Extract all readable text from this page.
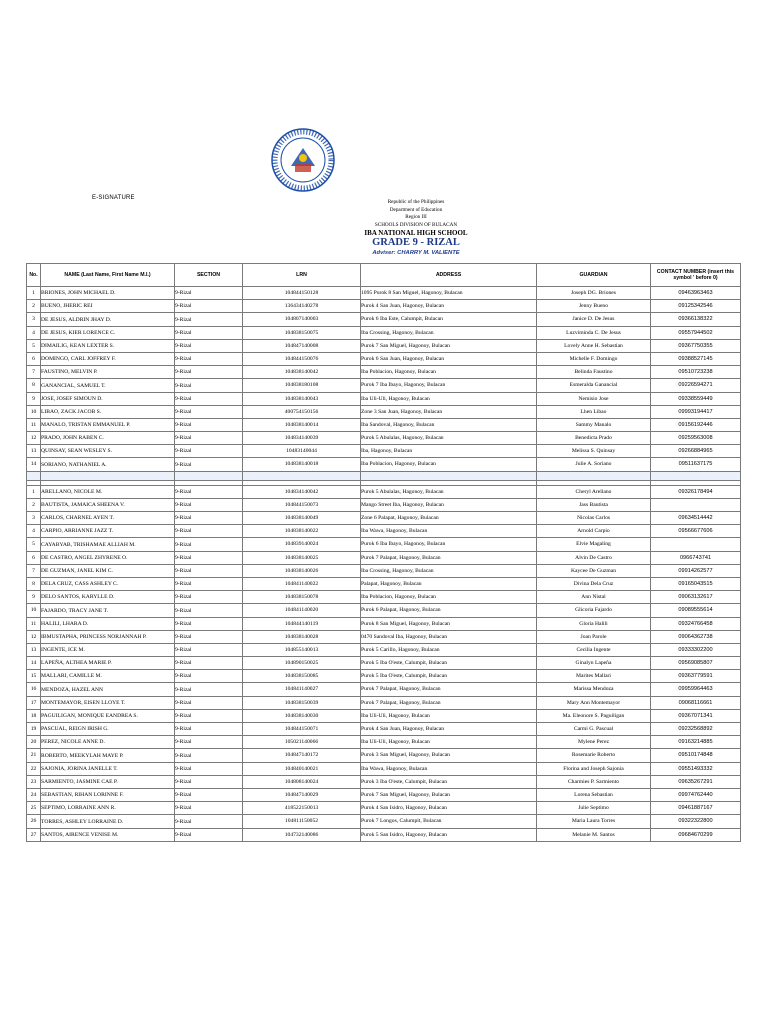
E-SIGNATURE
Republic of the Philippines
Department of Education
Region III
SCHOOLS DIVISION OF BULACAN
IBA NATIONAL HIGH SCHOOL
GRADE 9 - RIZAL
Adviser: CHARRY M. VALIENTE
No.	NAME (Last Name, First Name M.I.)	SECTION	LRN	ADDRESS	GUARDIAN	CONTACT NUMBER (insert this symbol ' before 0)
1	BRIONES, JOHN MICHAEL D.	9-Rizal	104844150128	1095 Purok 8 San Miguel, Hagonoy, Bulacan	Joseph DG. Briones	09463963463
2	BUENO, JHERIC REI	9-Rizal	136434140278	Purok 4 San Juan, Hagonoy, Bulacan	Jenny Bueno	09125342546
3	DE JESUS, ALDRIN JHAY D.	9-Rizal	104807140003	Purok 6 Iba Este, Calumpit, Bulacan	Janice D. De Jesus	09366138322
4	DE JESUS, KIER LORENCE C.	9-Rizal	104838150075	Iba Crossing, Hagonoy, Bulacan	Luzviminda C. De Jesus	09557944502
5	DIMAILIG, KEAN LEXTER S.	9-Rizal	104847140008	Purok 7 San Miguel, Hagonoy, Bulacan	Lovely Anne H. Sebastian	09367750355
6	DOMINGO, CARL JOFFREY F.	9-Rizal	104844150076	Purok 6 San Juan, Hagonoy, Bulacan	Michelle F. Domingo	09388527145
7	FAUSTINO, MELVIN P.	9-Rizal	104838140042	Iba Poblacion, Hagonoy, Bulacan	Belinda Faustino	09510723238
8	GANANCIAL, SAMUEL T.	9-Rizal	104838180108	Purok 7 Iba Ibayo, Hagonoy, Bulacan	Esmeralda Ganancial	09226594271
9	JOSE, JOSEF SIMOUN D.	9-Rizal	104838140043	Iba Uli-Uli, Hagonoy, Bulacan	Nemisio Jose	09338559449
10	LIBAO, ZACK JACOB S.	9-Rizal	400754150156	Zone 3 San Juan, Hagonoy, Bulacan	Lhen Libao	09993194417
11	MANALO, TRISTAN EMMANUEL P.	9-Rizal	104838140014	Iba Sandoval, Hagonoy, Bulacan	Sammy Manalo	09156192446
12	PRADO, JOHN RABEN C.	9-Rizal	104834140039	Purok 5 Abulalas, Hagonoy, Bulacan	Benedicta Prado	09259563008
13	QUINSAY, SEAN WESLEY S.	9-Rizal	10483140044	Iba, Hagonoy, Bulacan	Melissa S. Quinsay	09266884965
14	SORIANO, NATHANIEL A.	9-Rizal	104838140018	Iba Poblacion, Hagonoy, Bulacan	Julie A. Soriano	09511637175

1	ARELLANO, NICOLE M.	9-Rizal	104834140042	Purok 5 Abulalas, Hagonoy, Bulacan	Cheryl Arellano	09326178494
2	BAUTISTA, JAMAICA SHEENA V.	9-Rizal	104844150073	Mango Street Iba, Hagonoy, Bulacan	Jass Bautista	
3	CARLOS, CHARNEL AYEN T.	9-Rizal	104838140049	Zone 6 Palapat, Hagonoy, Bulacan	Nicolas Carlos	09634514442
4	CARPIO, ARRIANNE JAZZ T.	9-Rizal	104838140022	Iba Wawa, Hagonoy, Bulacan	Arnold Carpio	09566677606
5	CAYABYAB, TRISHAMAE ALLIAH M.	9-Rizal	104839140024	Purok 6 Iba Ibayo, Hagonoy, Bulacan	Elvie Magaling	
6	DE CASTRO, ANGEL ZHYRENE O.	9-Rizal	104838140025	Purok 7 Palapat, Hagonoy, Bulacan	Alvin De Castro	0966743741
7	DE GUZMAN, JANEL KIM C.	9-Rizal	104838140026	Iba Crossing, Hagonoy, Bulacan	Kaycee De Guzman	09914262577
8	DELA CRUZ, CASS ASHLEY C.	9-Rizal	104841140022	Palapat, Hagonoy, Bulacan	Divina Dela Cruz	09165043515
9	DELO SANTOS, KARYLLE D.	9-Rizal	104838150078	Iba Poblacion, Hagonoy, Bulacan	Ann Nistal	09063132617
10	FAJARDO, TRACY JANE T.	9-Rizal	104841140020	Purok 6 Palapat, Hagonoy, Bulacan	Glicoria Fajardo	09089555614
11	HALILI, LHARA D.	9-Rizal	104844140119	Purok 8 San Miguel, Hagonoy, Bulacan	Gloria Halili	09324766458
12	IBMUSTAPHA, PRINCESS NORJANNAH P.	9-Rizal	104838140028	0470 Sandoval Iba, Hagonoy, Bulacan	Joan Parole	09064362738
13	INGENTE, ICE M.	9-Rizal	104855140013	Purok 5 Carillo, Hagonoy, Bulacan	Cecilia Ingente	09333302200
14	LAPEÑA, ALTHEA MARIE P.	9-Rizal	104890150025	Purok 5 Iba O'este, Calumpit, Bulacan	Ginalyn Lapeña	09569085807
15	MALLARI, CAMILLE M.	9-Rizal	104838150085	Purok 5 Iba O'este, Calumpit, Bulacan	Marites Mallari	09363779591
16	MENDOZA, HAZEL ANN	9-Rizal	104841140027	Purok 7 Palapat, Hagonoy, Bulacan	Marissa Mendoza	09959964463
17	MONTEMAYOR, EISEN LLOYE T.	9-Rizal	104838150039	Purok 7 Palapat, Hagonoy, Bulacan	Mary Ann Montemayor	09068116661
18	PAGUILIGAN, MONIQUE EANDREA S.	9-Rizal	104838140030	Iba Uli-Uli, Hagonoy, Bulacan	Ma. Eleonore S. Paguiligan	09367071341
19	PASCUAL, REIGN IRISH G.	9-Rizal	104844150071	Purok 4 San Juan, Hagonoy, Bulacan	Carmi G. Pascual	09232568892
20	PEREZ, NICOLE ANNE D.	9-Rizal	105021140066	Iba Uli-Uli, Hagonoy, Bulacan	Mylene Perez	09163214885
21	ROBERTO, MEEKYLAH MAYE P.	9-Rizal	104847140172	Purok 3 San Miguel, Hagonoy, Bulacan	Rosemarie Roberto	09510174848
22	SAJONIA, JORINA JANELLE T.	9-Rizal	104840140021	Iba Wawa, Hagonoy, Bulacan	Florina and Joseph Sajonia	09551493332
23	SARMIENTO, JASMINE CAE P.	9-Rizal	104808140024	Purok 3 Iba O'este, Calumpit, Bulacan	Charmies P. Sarmiento	09635267291
24	SEBASTIAN, RIHAN LORINNE F.	9-Rizal	104847140029	Purok 7 San Miguel, Hagonoy, Bulacan	Lorena Sebastian	09974762440
25	SEPTIMO, LORRAINE ANN R.	9-Rizal	418522150013	Purok 4 San Isidro, Hagonoy, Bulacan	Julie Septimo	09461887167
26	TORRES, ASHLEY LORRAINE D.	9-Rizal	104811150052	Purok 7 Longos, Calumpit, Bulacan	Maria Laura Torres	09322322800
27	SANTOS, AIRENCE VENISE M.	9-Rizal	104732140086	Purok 5 San Isidro, Hagonoy, Bulacan	Melanie M. Santos	09684670299
